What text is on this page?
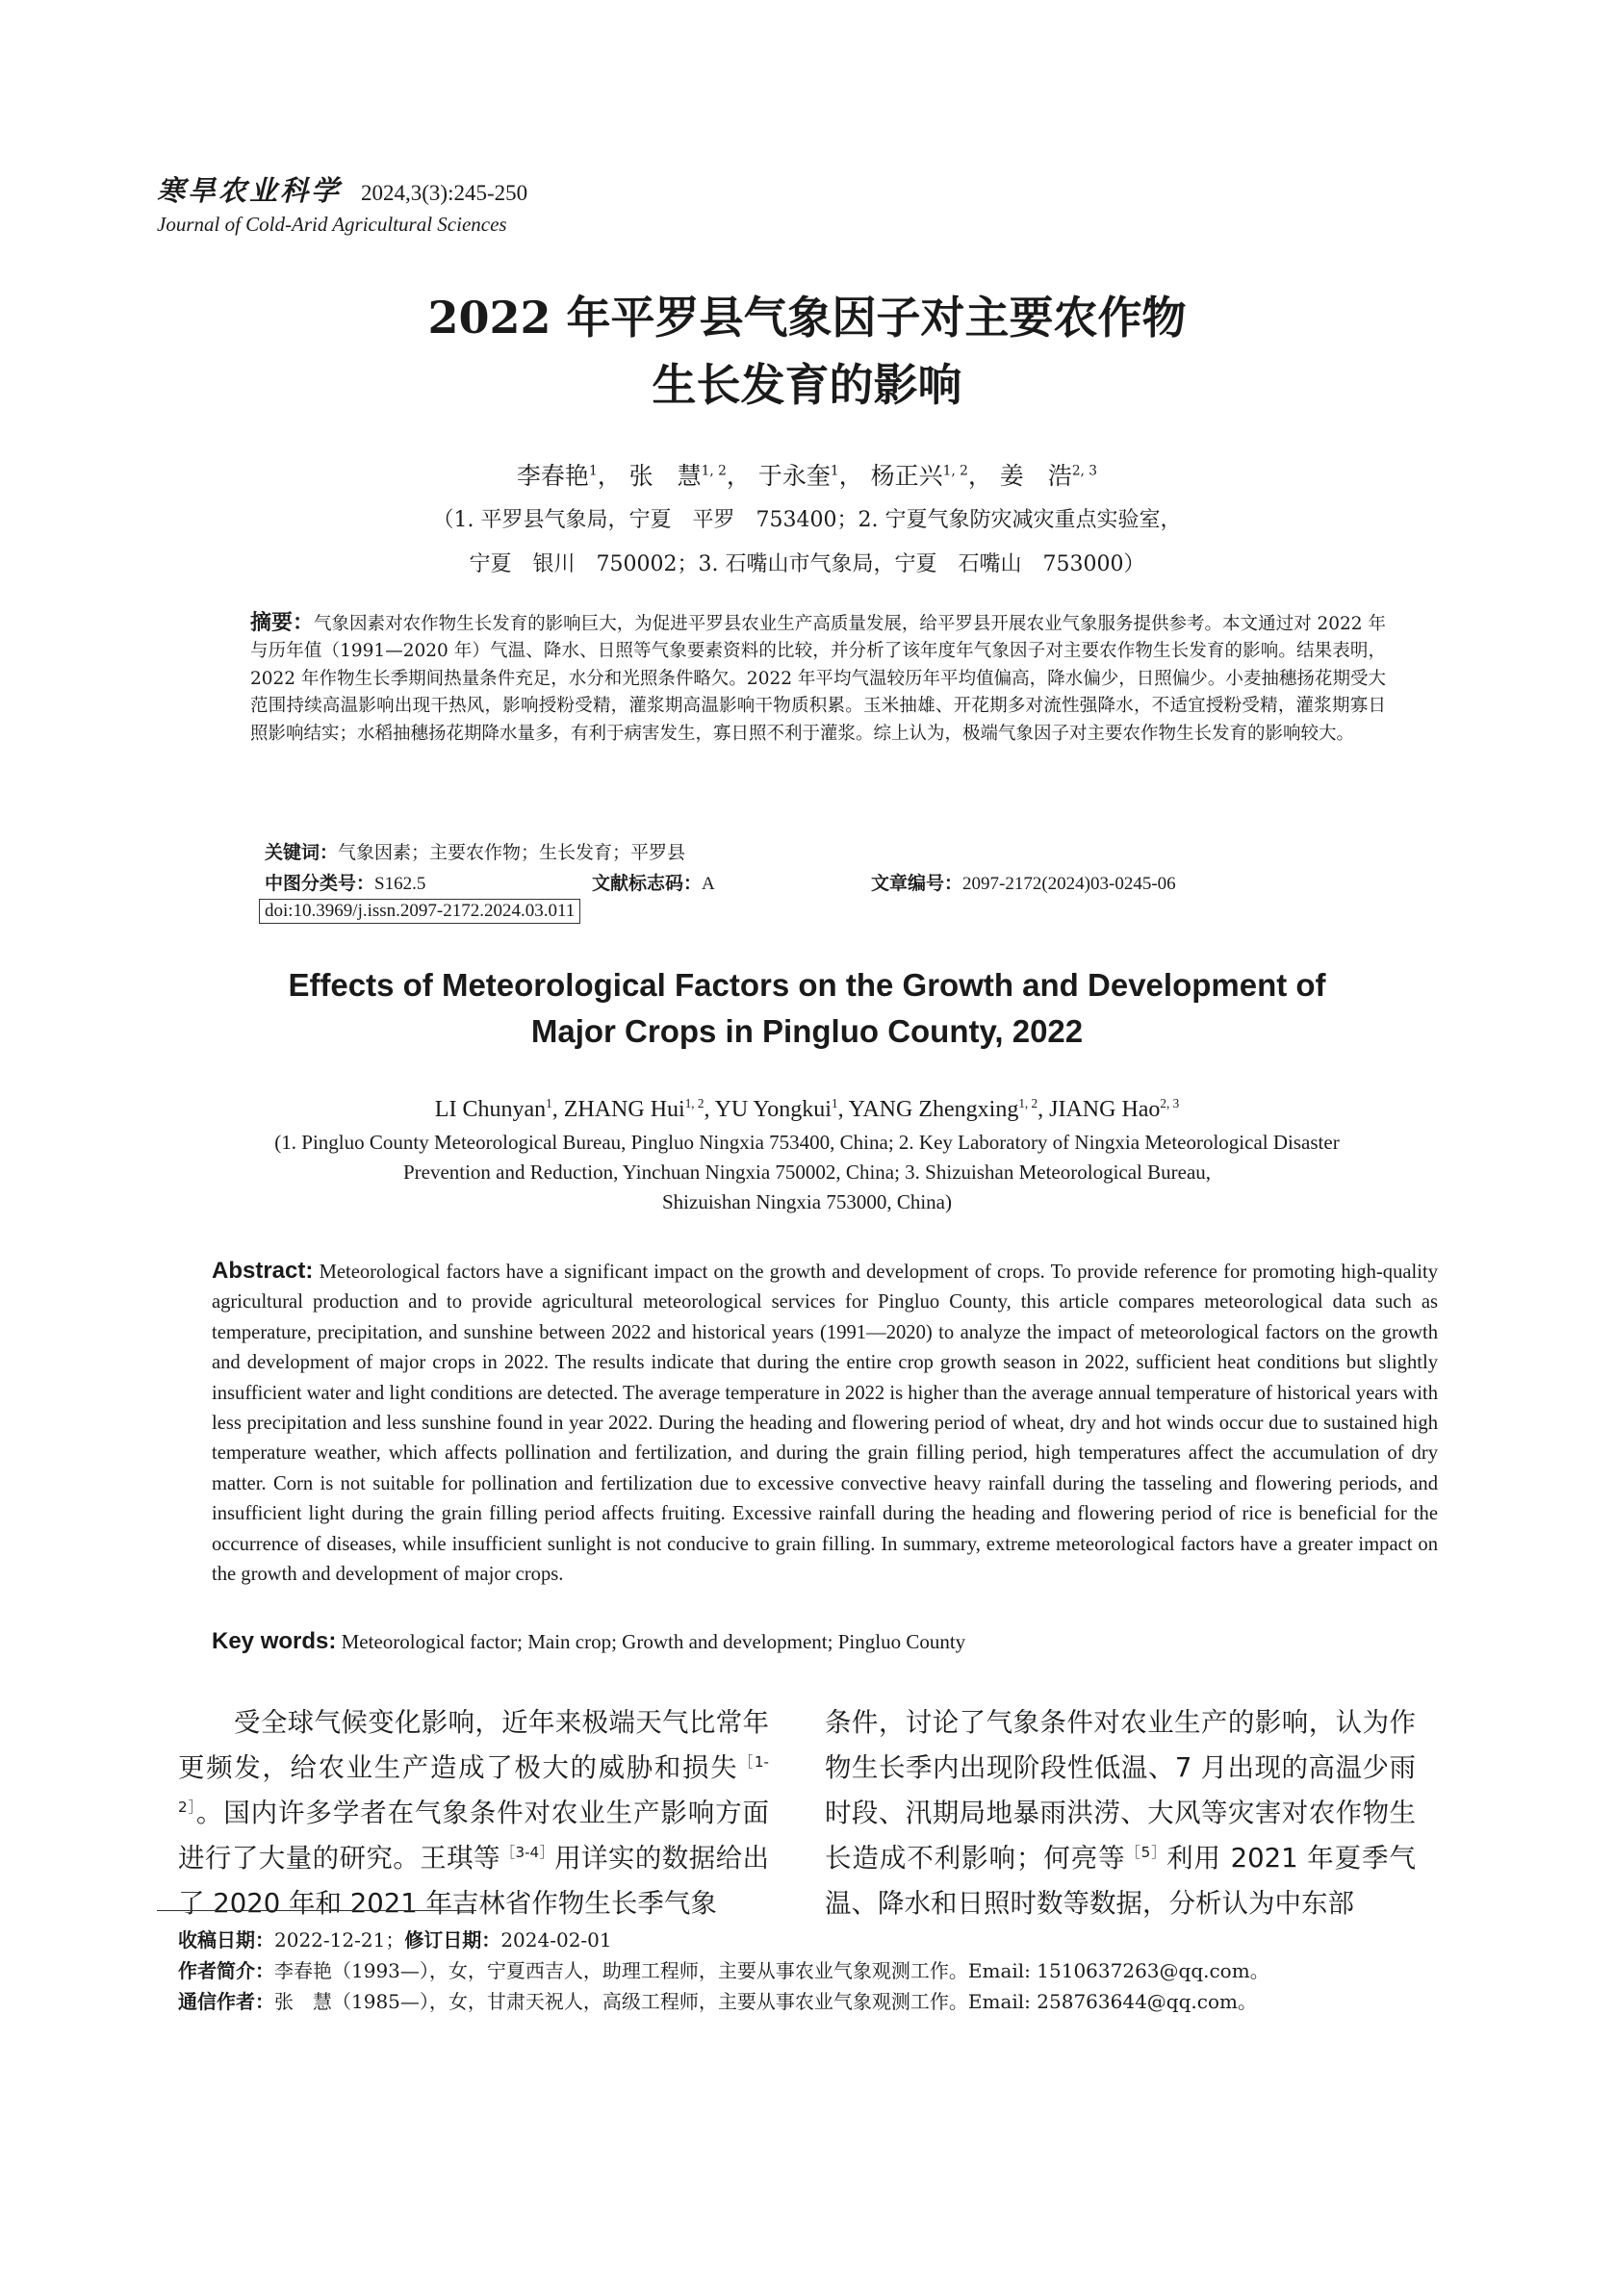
寒旱农业科学 2024,3(3):245-250
Journal of Cold-Arid Agricultural Sciences
2022 年平罗县气象因子对主要农作物
生长发育的影响
李春艳$^1$， 张　慧$^{1, 2}$， 于永奎$^1$， 杨正兴$^{1, 2}$， 姜　浩$^{2, 3}$
（1. 平罗县气象局，宁夏　平罗　753400；2. 宁夏气象防灾减灾重点实验室，
宁夏　银川　750002；3. 石嘴山市气象局，宁夏　石嘴山　753000）
摘要：气象因素对农作物生长发育的影响巨大，为促进平罗县农业生产高质量发展，给平罗县开展农业气象服务提供参考。本文通过对 2022 年与历年值（1991—2020 年）气温、降水、日照等气象要素资料的比较，并分析了该年度年气象因子对主要农作物生长发育的影响。结果表明，2022 年作物生长季期间热量条件充足，水分和光照条件略欠。2022 年平均气温较历年平均值偏高，降水偏少，日照偏少。小麦抽穗扬花期受大范围持续高温影响出现干热风，影响授粉受精，灌浆期高温影响干物质积累。玉米抽雄、开花期多对流性强降水，不适宜授粉受精，灌浆期寡日照影响结实；水稻抽穗扬花期降水量多，有利于病害发生，寡日照不利于灌浆。综上认为，极端气象因子对主要农作物生长发育的影响较大。
关键词：气象因素；主要农作物；生长发育；平罗县
中图分类号：S162.5	文献标志码：A	文章编号：2097-2172(2024)03-0245-06
doi:10.3969/j.issn.2097-2172.2024.03.011
Effects of Meteorological Factors on the Growth and Development of
Major Crops in Pingluo County, 2022
LI Chunyan$^1$, ZHANG Hui$^{1, 2}$, YU Yongkui$^1$, YANG Zhengxing$^{1, 2}$, JIANG Hao$^{2, 3}$
(1. Pingluo County Meteorological Bureau, Pingluo Ningxia 753400, China; 2. Key Laboratory of Ningxia Meteorological Disaster
Prevention and Reduction, Yinchuan Ningxia 750002, China; 3. Shizuishan Meteorological Bureau,
Shizuishan Ningxia 753000, China)
Abstract: Meteorological factors have a significant impact on the growth and development of crops. To provide reference for promoting high-quality agricultural production and to provide agricultural meteorological services for Pingluo County, this article compares meteorological data such as temperature, precipitation, and sunshine between 2022 and historical years (1991—2020) to analyze the impact of meteorological factors on the growth and development of major crops in 2022. The results indicate that during the entire crop growth season in 2022, sufficient heat conditions but slightly insufficient water and light conditions are detected. The average temperature in 2022 is higher than the average annual temperature of historical years with less precipitation and less sunshine found in year 2022. During the heading and flowering period of wheat, dry and hot winds occur due to sustained high temperature weather, which affects pollination and fertilization, and during the grain filling period, high temperatures affect the accumulation of dry matter. Corn is not suitable for pollination and fertilization due to excessive convective heavy rainfall during the tasseling and flowering periods, and insufficient light during the grain filling period affects fruiting. Excessive rainfall during the heading and flowering period of rice is beneficial for the occurrence of diseases, while insufficient sunlight is not conducive to grain filling. In summary, extreme meteorological factors have a greater impact on the growth and development of major crops.
Key words: Meteorological factor; Main crop; Growth and development; Pingluo County
受全球气候变化影响，近年来极端天气比常年更频发，给农业生产造成了极大的威胁和损失$^{[1-2]}$。国内许多学者在气象条件对农业生产影响方面进行了大量的研究。王琪等$^{[3-4]}$用详实的数据给出了 2020 年和 2021 年吉林省作物生长季气象
条件，讨论了气象条件对农业生产的影响，认为作物生长季内出现阶段性低温、7 月出现的高温少雨时段、汛期局地暴雨洪涝、大风等灾害对农作物生长造成不利影响；何亮等$^{[5]}$利用 2021 年夏季气温、降水和日照时数等数据，分析认为中东部
收稿日期：2022-12-21；修订日期：2024-02-01
作者简介：李春艳（1993—），女，宁夏西吉人，助理工程师，主要从事农业气象观测工作。Email: 1510637263@qq.com。
通信作者：张　慧（1985—），女，甘肃天祝人，高级工程师，主要从事农业气象观测工作。Email: 258763644@qq.com。
